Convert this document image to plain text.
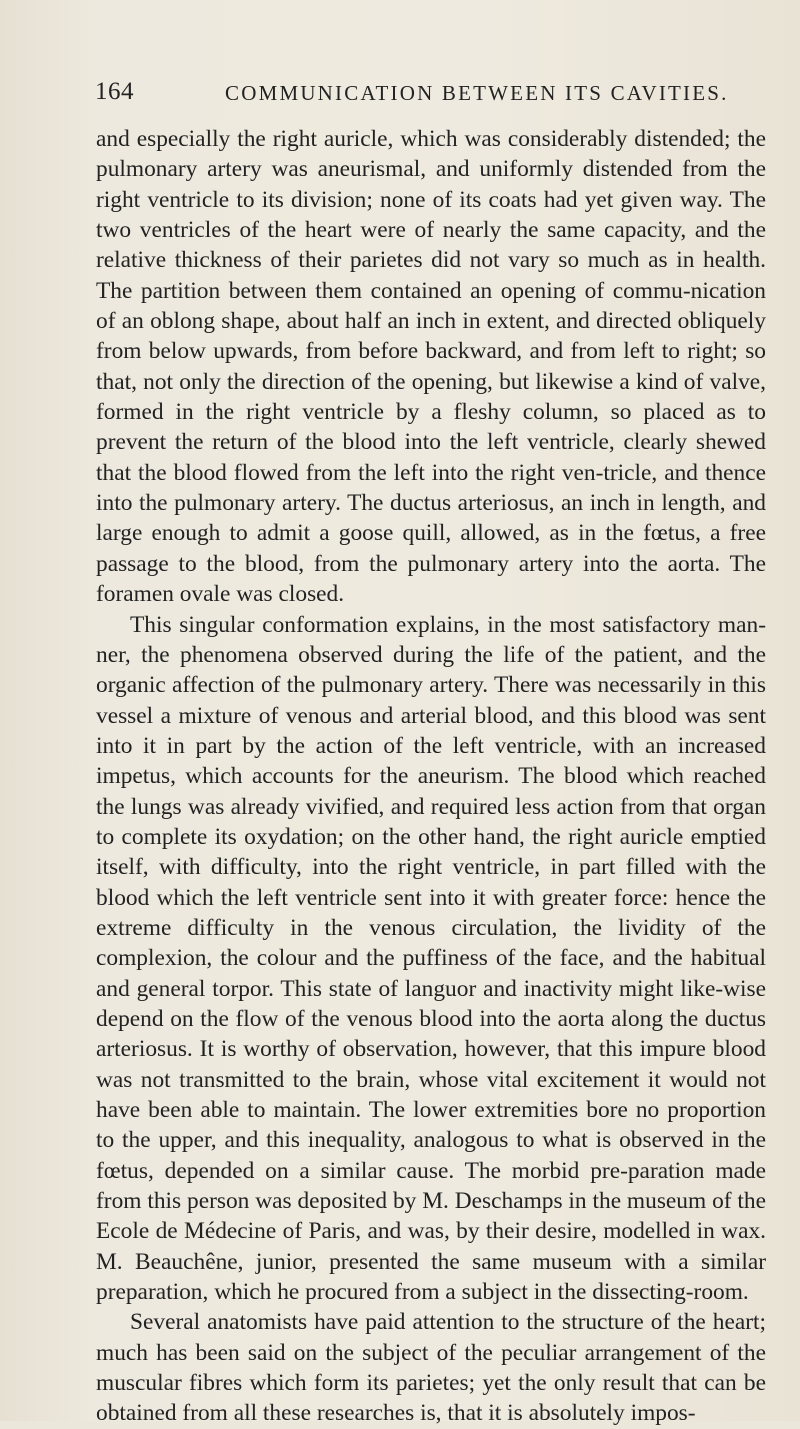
164	COMMUNICATION BETWEEN ITS CAVITIES.

and especially the right auricle, which was considerably distended; the pulmonary artery was aneurismal, and uniformly distended from the right ventricle to its division; none of its coats had yet given way. The two ventricles of the heart were of nearly the same capacity, and the relative thickness of their parietes did not vary so much as in health. The partition between them contained an opening of commu-nication of an oblong shape, about half an inch in extent, and directed obliquely from below upwards, from before backward, and from left to right; so that, not only the direction of the opening, but likewise a kind of valve, formed in the right ventricle by a fleshy column, so placed as to prevent the return of the blood into the left ventricle, clearly shewed that the blood flowed from the left into the right ven-tricle, and thence into the pulmonary artery. The ductus arteriosus, an inch in length, and large enough to admit a goose quill, allowed, as in the fœtus, a free passage to the blood, from the pulmonary artery into the aorta. The foramen ovale was closed.

This singular conformation explains, in the most satisfactory man-ner, the phenomena observed during the life of the patient, and the organic affection of the pulmonary artery. There was necessarily in this vessel a mixture of venous and arterial blood, and this blood was sent into it in part by the action of the left ventricle, with an increased impetus, which accounts for the aneurism. The blood which reached the lungs was already vivified, and required less action from that organ to complete its oxydation; on the other hand, the right auricle emptied itself, with difficulty, into the right ventricle, in part filled with the blood which the left ventricle sent into it with greater force: hence the extreme difficulty in the venous circulation, the lividity of the complexion, the colour and the puffiness of the face, and the habitual and general torpor. This state of languor and inactivity might like-wise depend on the flow of the venous blood into the aorta along the ductus arteriosus. It is worthy of observation, however, that this impure blood was not transmitted to the brain, whose vital excitement it would not have been able to maintain. The lower extremities bore no proportion to the upper, and this inequality, analogous to what is observed in the fœtus, depended on a similar cause. The morbid pre-paration made from this person was deposited by M. Deschamps in the museum of the Ecole de Médecine of Paris, and was, by their desire, modelled in wax. M. Beauchêne, junior, presented the same museum with a similar preparation, which he procured from a subject in the dissecting-room.

Several anatomists have paid attention to the structure of the heart; much has been said on the subject of the peculiar arrangement of the muscular fibres which form its parietes; yet the only result that can be obtained from all these researches is, that it is absolutely impos-
